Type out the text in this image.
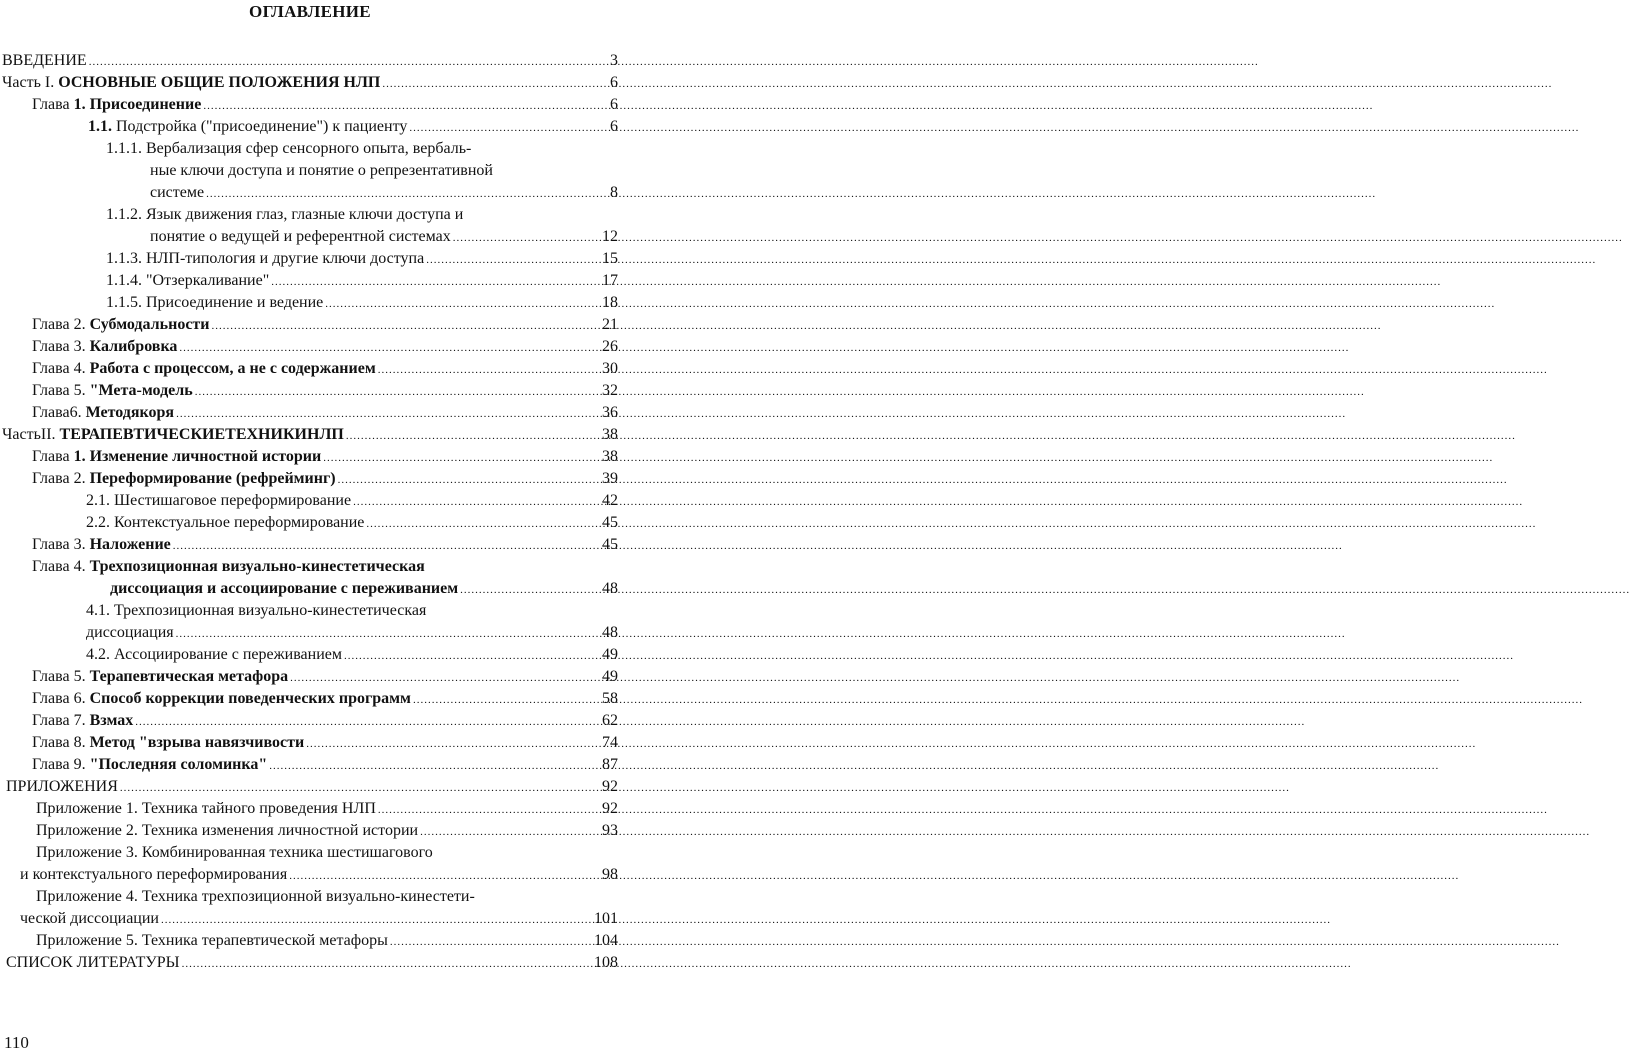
ОГЛАВЛЕНИЕ
ВВЕДЕНИЕ .....	3
Часть I. ОСНОВНЫЕ ОБЩИЕ ПОЛОЖЕНИЯ НЛП .....	6
Глава 1. Присоединение .....	6
1.1. Подстройка ("присоединение") к пациенту .....	6
1.1.1. Вербализация сфер сенсорного опыта, вербаль-
ные ключи доступа и понятие о репрезентативной
системе .....	8
1.1.2. Язык движения глаз, глазные ключи доступа и
понятие о ведущей и референтной системах .....	12
1.1.3. НЛП-типология и другие ключи доступа .....	15
1.1.4. "Отзеркаливание" .....	17
1.1.5. Присоединение и ведение .....	18
Глава 2. Субмодальности .....	21
Глава 3. Калибровка .....	26
Глава 4. Работа с процессом, а не с содержанием .....	30
Глава 5. "Мета-модель .....	32
Глава6. Методякоря .....	36
ЧастьII. ТЕРАПЕВТИЧЕСКИЕТЕХНИКИНЛП .....	38
Глава 1. Изменение личностной истории .....	38
Глава 2. Переформирование (рефрейминг) .....	39
2.1. Шестишаговое переформирование .....	42
2.2. Контекстуальное переформирование .....	45
Глава 3. Наложение .....	45
Глава 4. Трехпозиционная визуально-кинестетическая
диссоциация и ассоциирование с переживанием .....	48
4.1. Трехпозиционная визуально-кинестетическая
диссоциация .....	48
4.2. Ассоциирование с переживанием .....	49
Глава 5. Терапевтическая метафора .....	49
Глава 6. Способ коррекции поведенческих программ .....	58
Глава 7. Взмах .....	62
Глава 8. Метод "взрыва навязчивости .....	74
Глава 9. "Последняя соломинка" .....	87
ПРИЛОЖЕНИЯ .....	92
Приложение 1. Техника тайного проведения НЛП .....	92
Приложение 2. Техника изменения личностной истории .....	93
Приложение 3. Комбинированная техника шестишагового
и контекстуального переформирования .....	98
Приложение 4. Техника трехпозиционной визуально-кинестети-
ческой диссоциации .....	101
Приложение 5. Техника терапевтической метафоры .....	104
СПИСОК ЛИТЕРАТУРЫ .....	108
110
